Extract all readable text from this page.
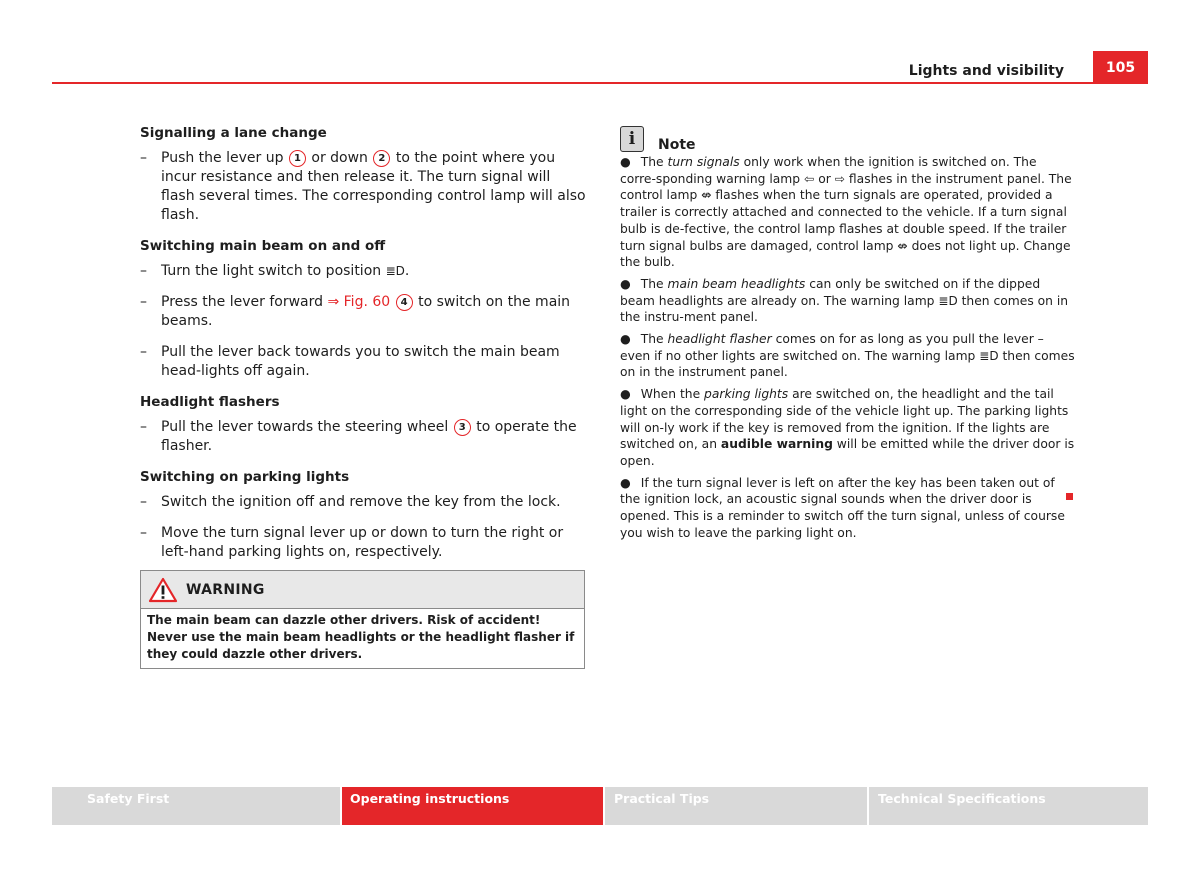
Lights and visibility	105
Signalling a lane change
–	Push the lever up 1 or down 2 to the point where you incur resistance and then release it. The turn signal will flash several times. The corresponding control lamp will also flash.
Switching main beam on and off
–	Turn the light switch to position ≣D.
–	Press the lever forward ⇒ Fig. 60 4 to switch on the main beams.
–	Pull the lever back towards you to switch the main beam head-lights off again.
Headlight flashers
–	Pull the lever towards the steering wheel 3 to operate the flasher.
Switching on parking lights
–	Switch the ignition off and remove the key from the lock.
–	Move the turn signal lever up or down to turn the right or left-hand parking lights on, respectively.
WARNING
The main beam can dazzle other drivers. Risk of accident! Never use the main beam headlights or the headlight flasher if they could dazzle other drivers.
i	Note
● The turn signals only work when the ignition is switched on. The corre-sponding warning lamp ⇦ or ⇨ flashes in the instrument panel. The control lamp ⇎ flashes when the turn signals are operated, provided a trailer is correctly attached and connected to the vehicle. If a turn signal bulb is de-fective, the control lamp flashes at double speed. If the trailer turn signal bulbs are damaged, control lamp ⇎ does not light up. Change the bulb.
● The main beam headlights can only be switched on if the dipped beam headlights are already on. The warning lamp ≣D then comes on in the instru-ment panel.
● The headlight flasher comes on for as long as you pull the lever – even if no other lights are switched on. The warning lamp ≣D then comes on in the instrument panel.
● When the parking lights are switched on, the headlight and the tail light on the corresponding side of the vehicle light up. The parking lights will on-ly work if the key is removed from the ignition. If the lights are switched on, an audible warning will be emitted while the driver door is open.
● If the turn signal lever is left on after the key has been taken out of the ignition lock, an acoustic signal sounds when the driver door is opened. This is a reminder to switch off the turn signal, unless of course you wish to leave the parking light on.
Safety First	Operating instructions	Practical Tips	Technical Specifications
